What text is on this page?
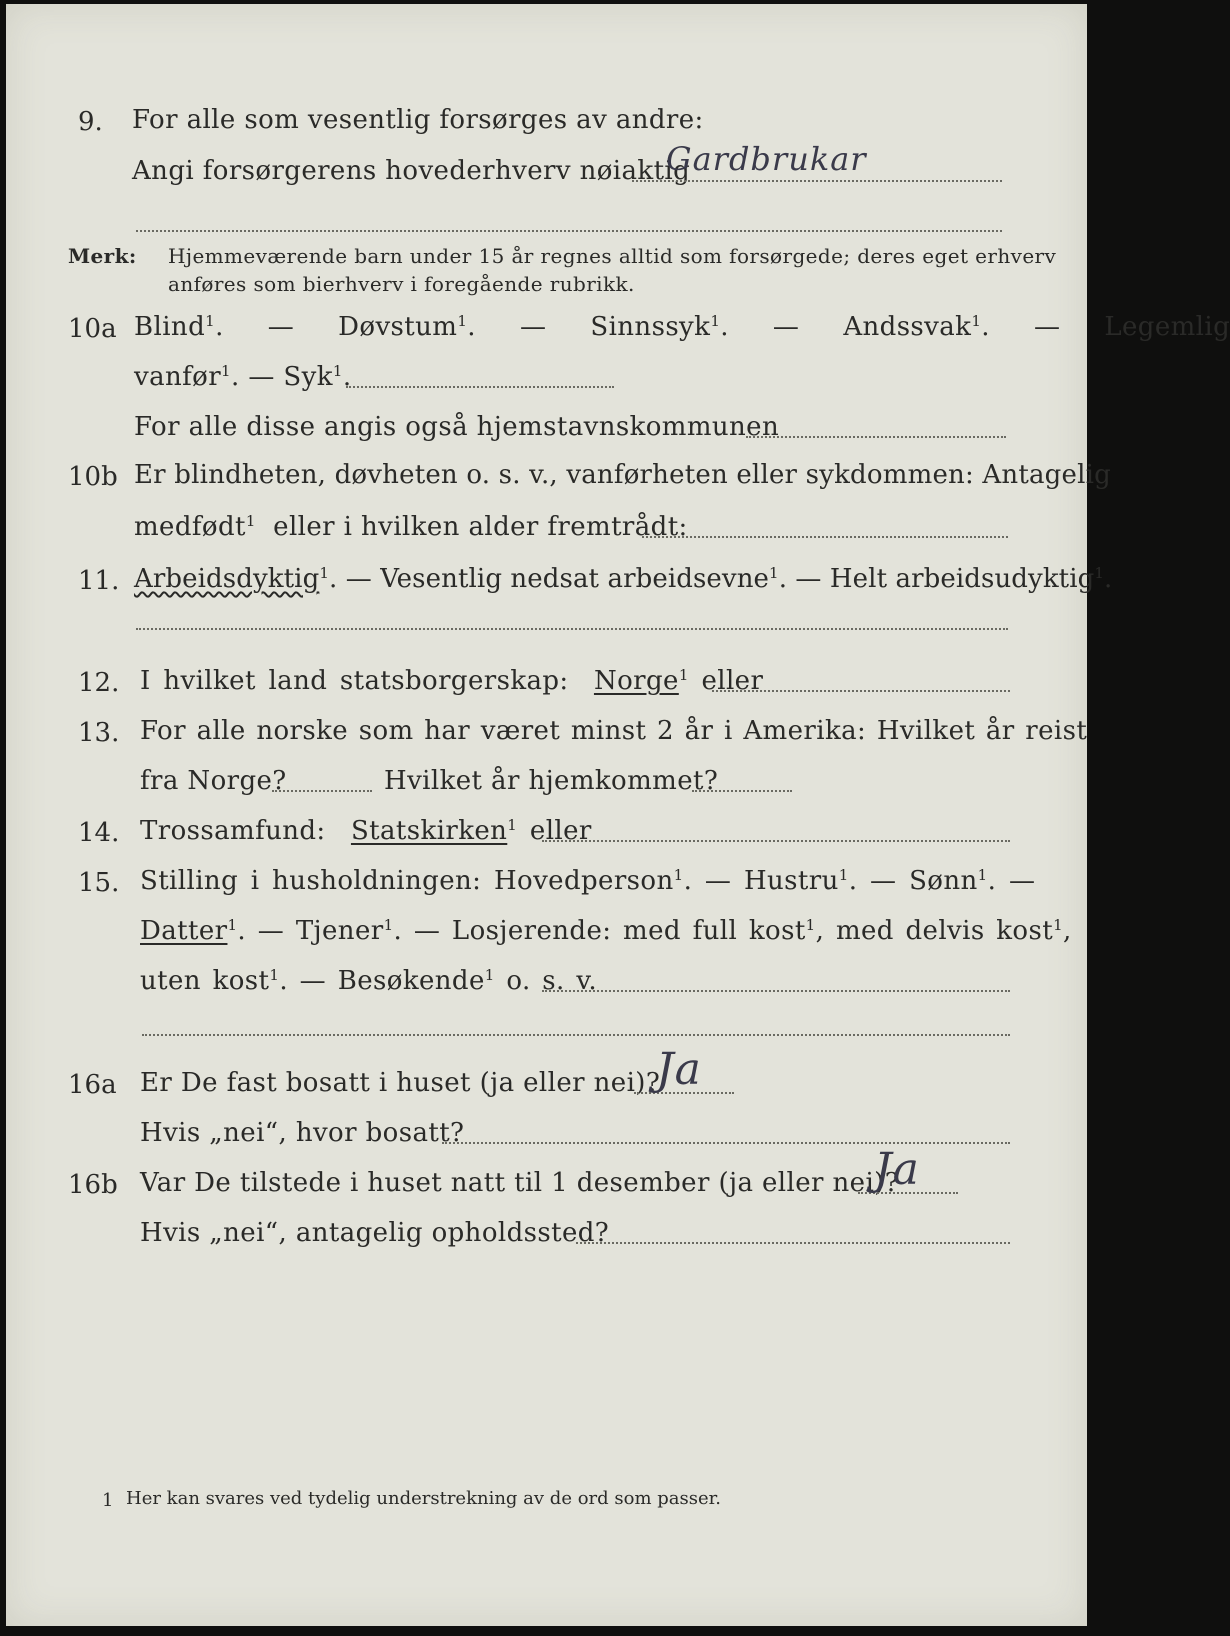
9. For alle som vesentlig forsørges av andre:
Angi forsørgerens hovederhverv nøiaktig
Gardbrukar
Merk: Hjemmeværende barn under 15 år regnes alltid som forsørgede; deres eget erhverv
anføres som bierhverv i foregående rubrikk.
10a Blind$^1$.   —   Døvstum$^1$.   —   Sinnssyk$^1$.   —   Andssvak$^1$.   —   Legemlig
vanfør$^1$. — Syk$^1$.
For alle disse angis også hjemstavnskommunen
10b Er blindheten, døvheten o. s. v., vanførheten eller sykdommen: Antagelig
medfødt$^1$ eller i hvilken alder fremtrådt:
11. Arbeidsdyktig$^1$. — Vesentlig nedsat arbeidsevne$^1$. — Helt arbeidsudyktig$^1$.
12. I hvilket land statsborgerskap: Norge$^1$ eller
13. For alle norske som har været minst 2 år i Amerika: Hvilket år reist
fra Norge?	Hvilket år hjemkommet?
14. Trossamfund: Statskirken$^1$ eller
15. Stilling i husholdningen: Hovedperson$^1$. — Hustru$^1$. — Sønn$^1$. —
Datter$^1$. — Tjener$^1$. — Losjerende: med full kost$^1$, med delvis kost$^1$,
uten kost$^1$. — Besøkende$^1$ o. s. v.
16a Er De fast bosatt i huset (ja eller nei)?
Ja
Hvis „nei“, hvor bosatt?
16b Var De tilstede i huset natt til 1 desember (ja eller nei)?
Ja
Hvis „nei“, antagelig opholdssted?
1 Her kan svares ved tydelig understrekning av de ord som passer.
